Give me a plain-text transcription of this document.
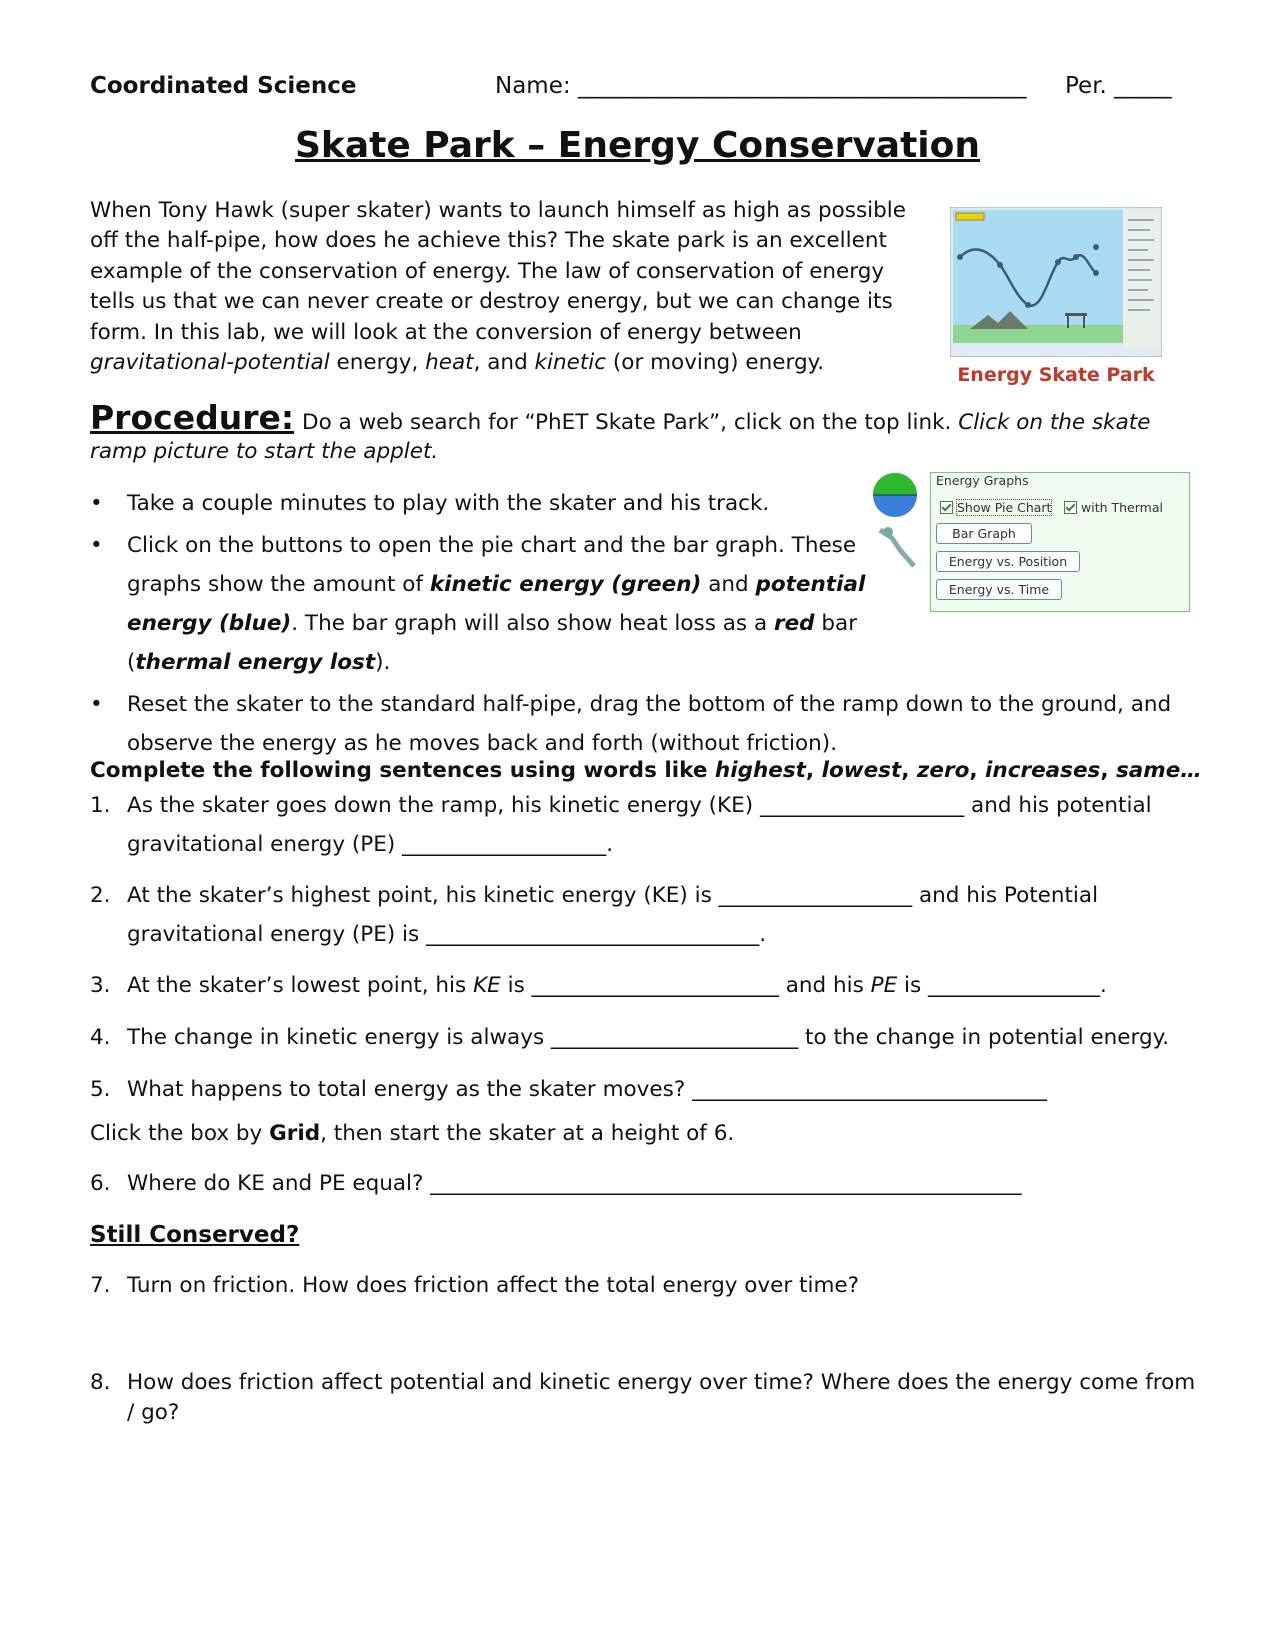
Coordinated Science	Name: _______________________________________ Per. _____
Skate Park – Energy Conservation
When Tony Hawk (super skater) wants to launch himself as high as possible off the half-pipe, how does he achieve this? The skate park is an excellent example of the conservation of energy. The law of conservation of energy tells us that we can never create or destroy energy, but we can change its form. In this lab, we will look at the conversion of energy between gravitational-potential energy, heat, and kinetic (or moving) energy.	Energy Skate Park
Procedure: Do a web search for “PhET Skate Park”, click on the top link. Click on the skate ramp picture to start the applet.
Energy Graphs
Show Pie Chart	with Thermal
Bar Graph
Energy vs. Position
Energy vs. Time
• Take a couple minutes to play with the skater and his track.
• Click on the buttons to open the pie chart and the bar graph. These graphs show the amount of kinetic energy (green) and potential energy (blue). The bar graph will also show heat loss as a red bar (thermal energy lost).
• Reset the skater to the standard half-pipe, drag the bottom of the ramp down to the ground, and observe the energy as he moves back and forth (without friction).
Complete the following sentences using words like highest, lowest, zero, increases, same…
1. As the skater goes down the ramp, his kinetic energy (KE) ___________________ and his potential gravitational energy (PE) ___________________.
2. At the skater’s highest point, his kinetic energy (KE) is __________________ and his Potential gravitational energy (PE) is _______________________________.
3. At the skater’s lowest point, his KE is _______________________ and his PE is ________________.
4. The change in kinetic energy is always _______________________ to the change in potential energy.
5. What happens to total energy as the skater moves? _________________________________
Click the box by Grid, then start the skater at a height of 6.
6. Where do KE and PE equal? _______________________________________________________
Still Conserved?
7. Turn on friction. How does friction affect the total energy over time?
8. How does friction affect potential and kinetic energy over time? Where does the energy come from / go?
